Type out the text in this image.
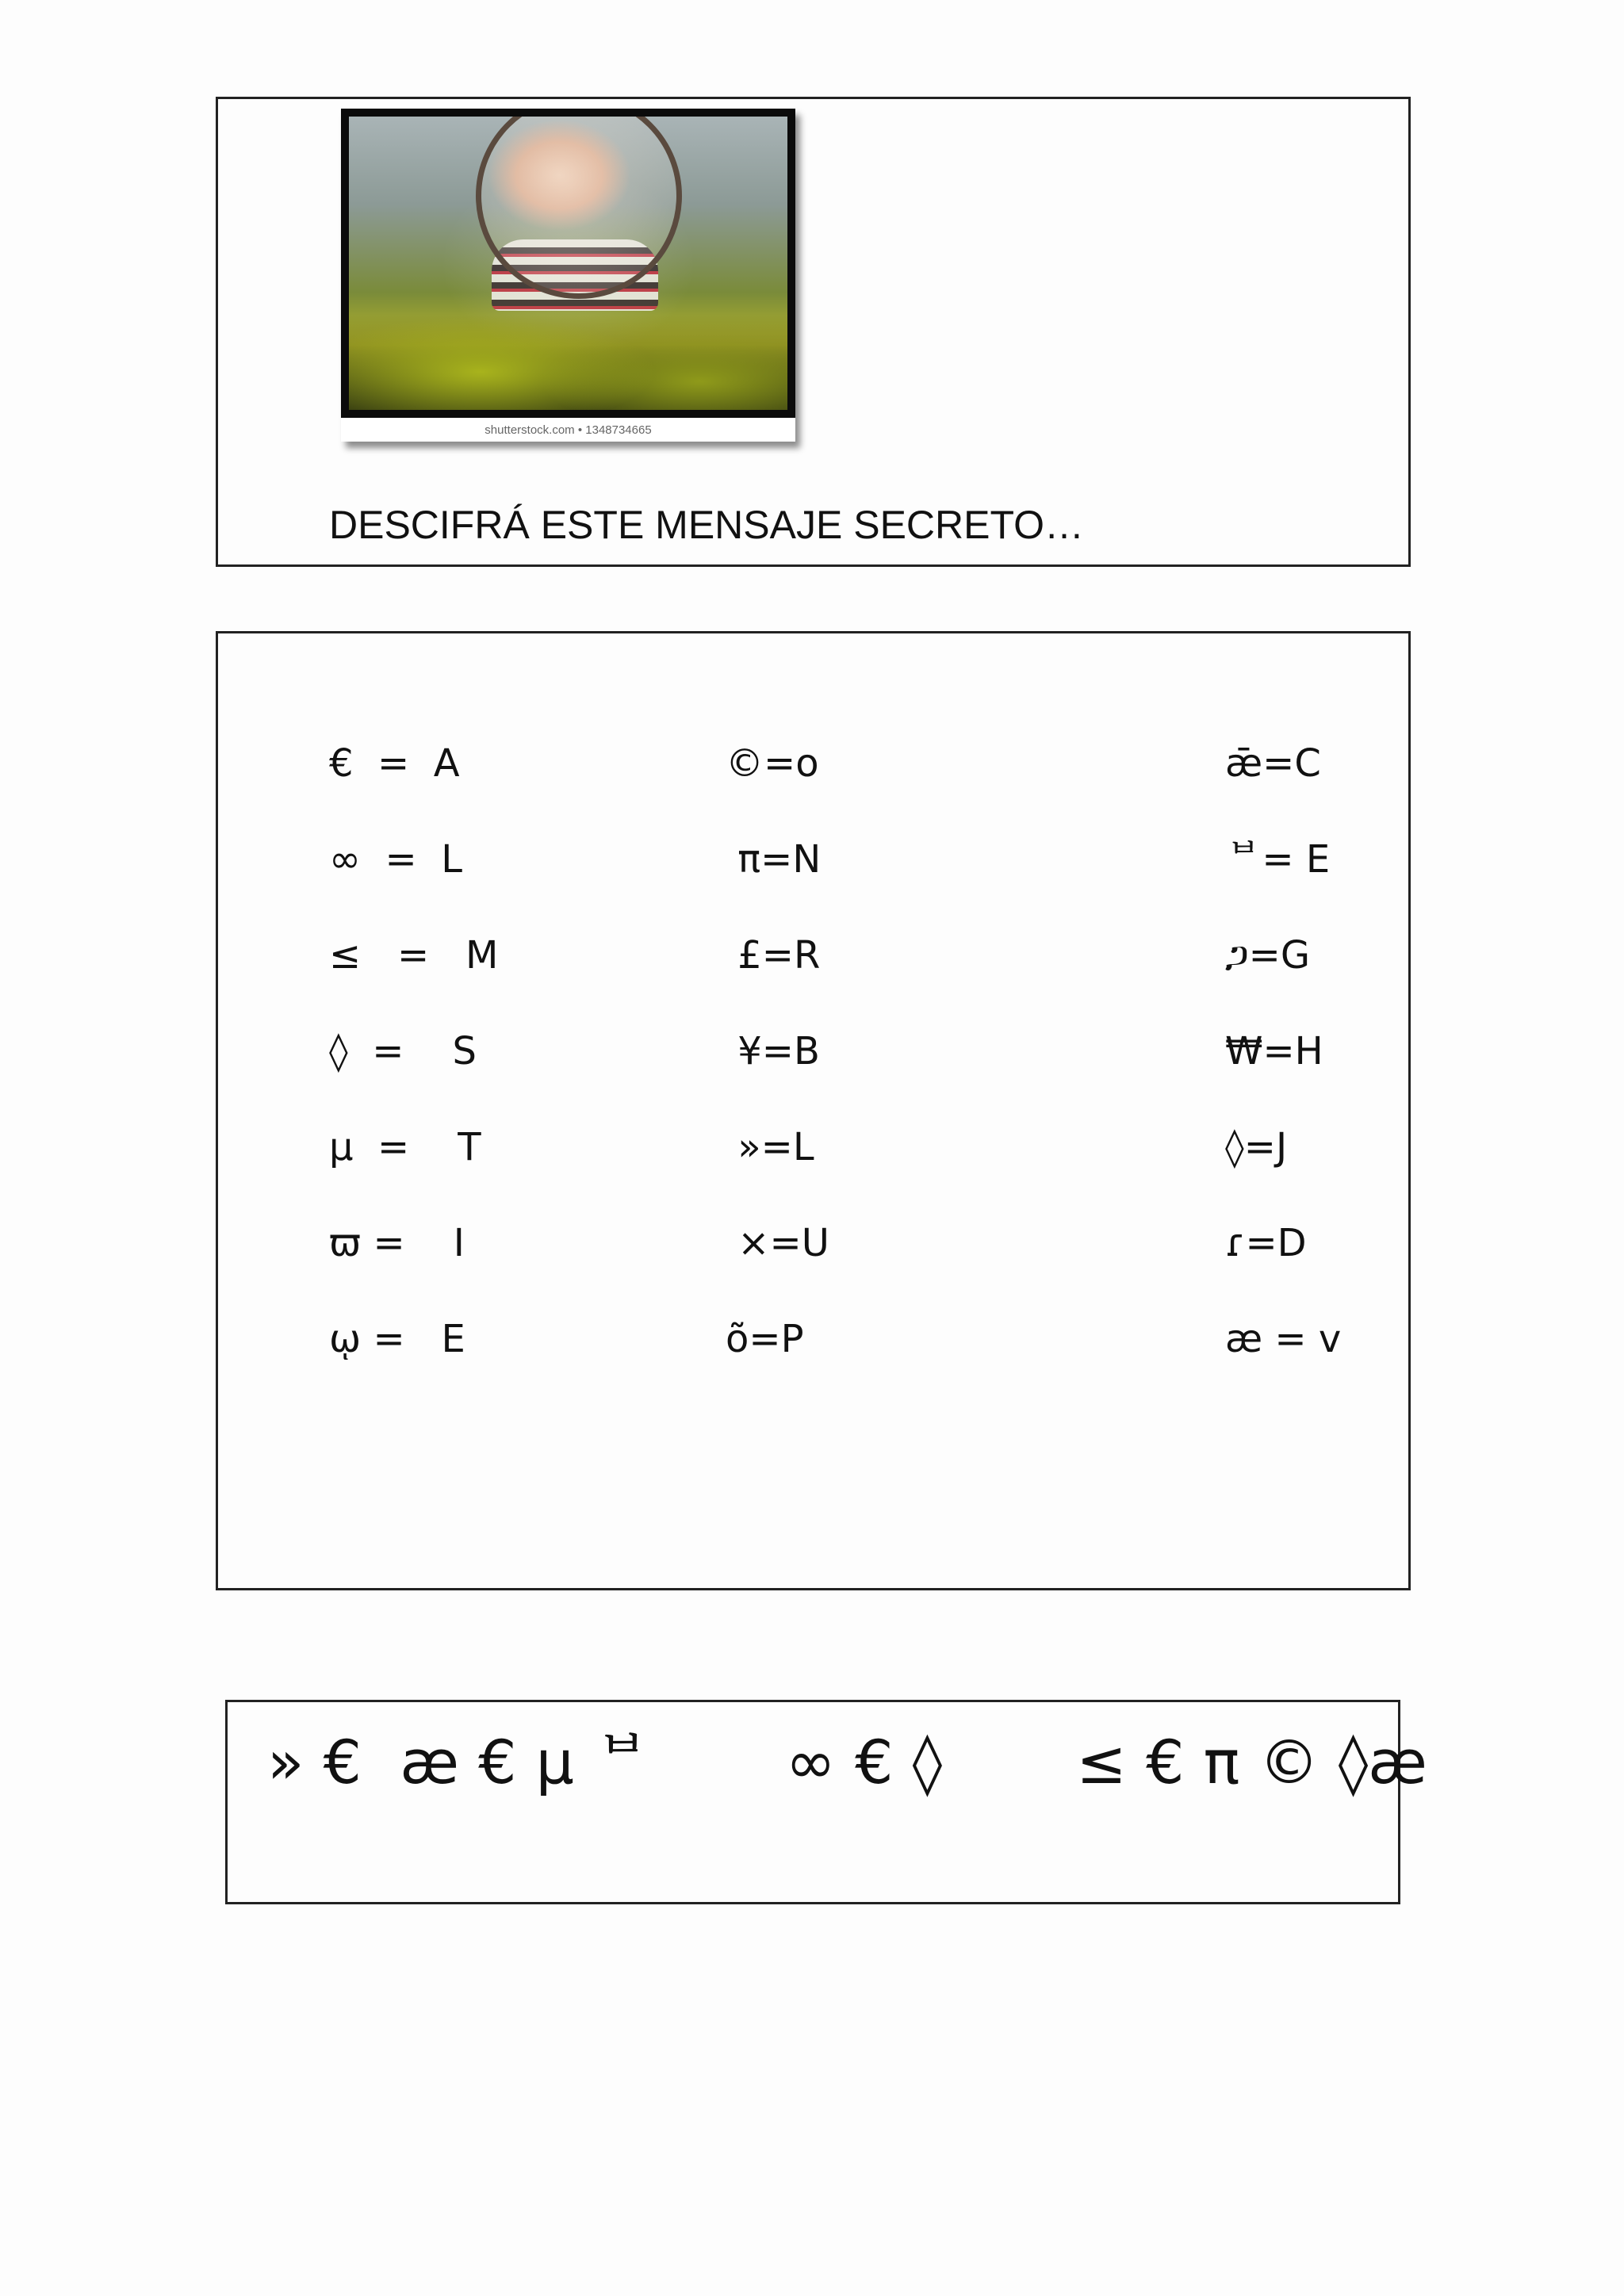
shutterstock.com • 1348734665
DESCIFRÁ ESTE MENSAJE SECRETO…
€  =  A
∞  =  L
≤   =   M
◊  =    S
µ  =    T
ϖ =    I
ῳ =   E
©=o
π=N
£=R
¥=B
»=L
×=U
õ=P
ǣ=C
ᄇ= E
ጋ=G
₩=H
◊=J
ɾ=D
æ = v
» €  æ € µ ᄇ       ∞ € ◊       ≤ € π © ◊æ
